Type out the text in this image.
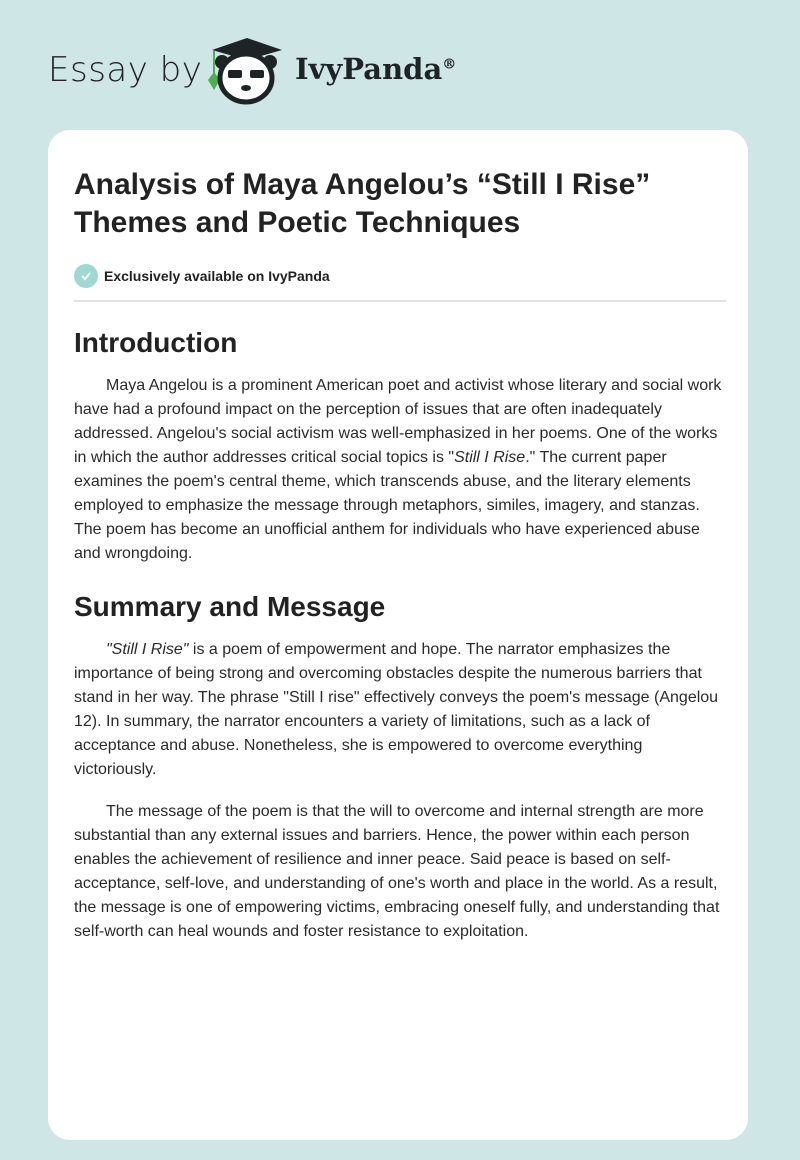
Essay by	IvyPanda®
Analysis of Maya Angelou’s “Still I Rise”
Themes and Poetic Techniques
Exclusively available on IvyPanda
Introduction

Maya Angelou is a prominent American poet and activist whose literary and social work have had a profound impact on the perception of issues that are often inadequately addressed. Angelou's social activism was well-emphasized in her poems. One of the works in which the author addresses critical social topics is "Still I Rise." The current paper examines the poem's central theme, which transcends abuse, and the literary elements employed to emphasize the message through metaphors, similes, imagery, and stanzas. The poem has become an unofficial anthem for individuals who have experienced abuse and wrongdoing.

Summary and Message

"Still I Rise" is a poem of empowerment and hope. The narrator emphasizes the importance of being strong and overcoming obstacles despite the numerous barriers that stand in her way. The phrase "Still I rise" effectively conveys the poem's message (Angelou 12). In summary, the narrator encounters a variety of limitations, such as a lack of acceptance and abuse. Nonetheless, she is empowered to overcome everything victoriously.

The message of the poem is that the will to overcome and internal strength are more substantial than any external issues and barriers. Hence, the power within each person enables the achievement of resilience and inner peace. Said peace is based on self-acceptance, self-love, and understanding of one's worth and place in the world. As a result, the message is one of empowering victims, embracing oneself fully, and understanding that self-worth can heal wounds and foster resistance to exploitation.
